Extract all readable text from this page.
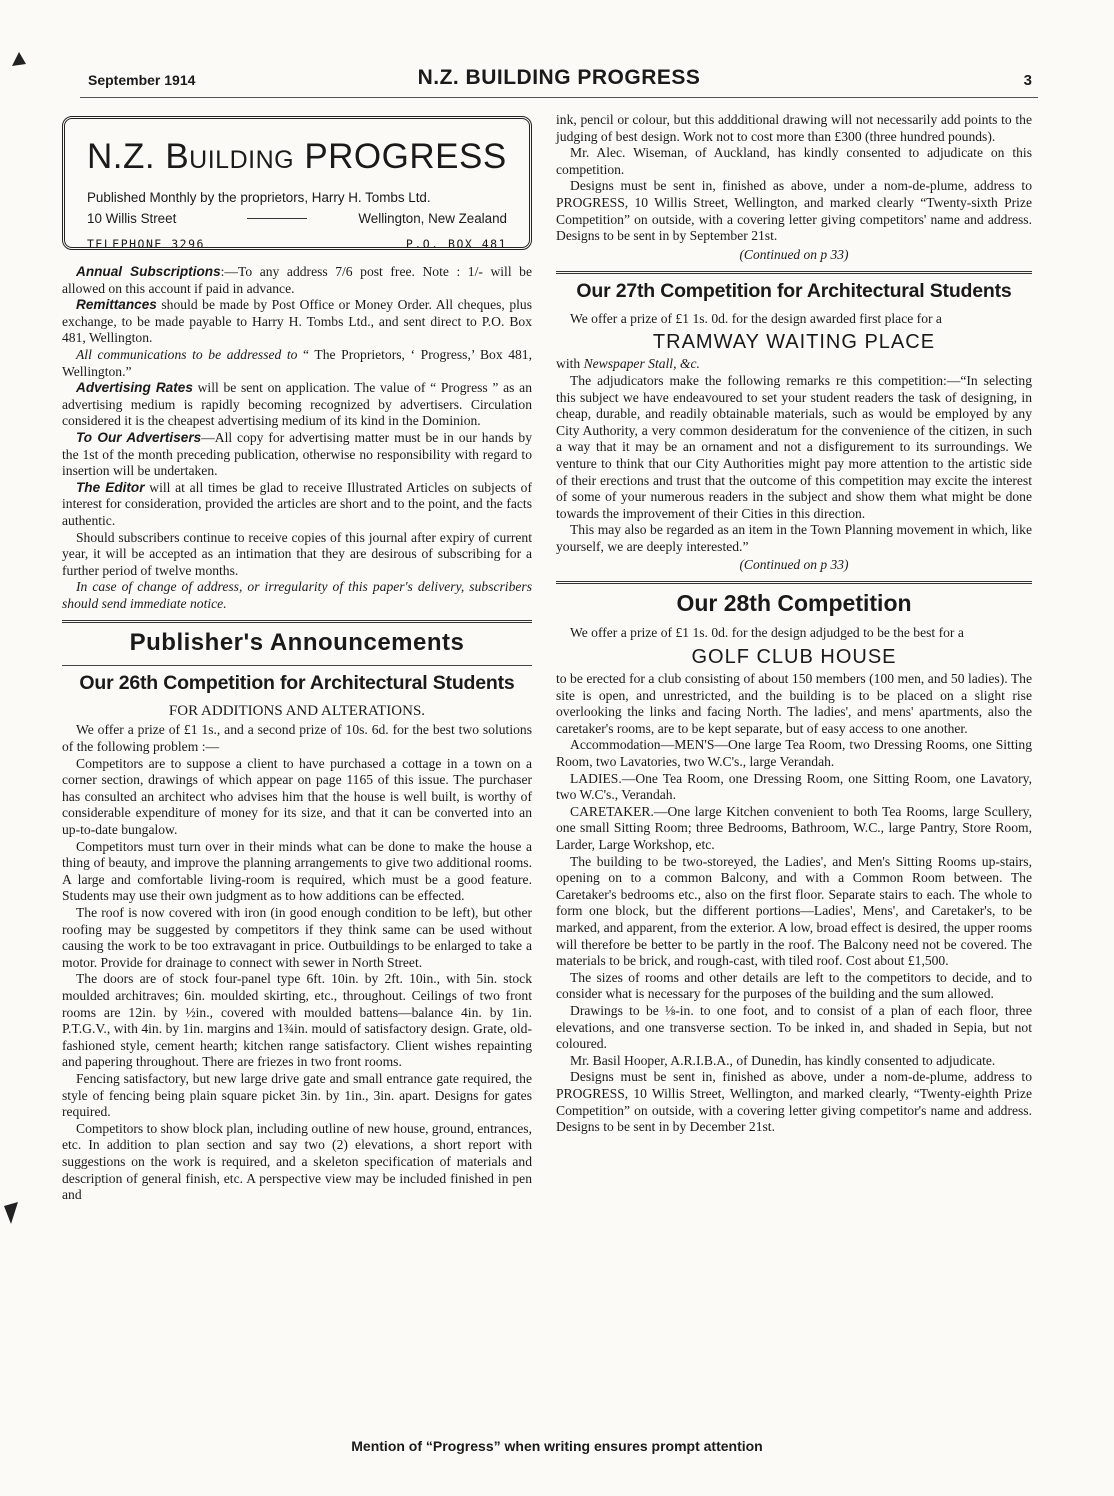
September 1914	N.Z. BUILDING PROGRESS	3
N.Z. Building PROGRESS
Published Monthly by the proprietors, Harry H. Tombs Ltd.
10 Willis Street	Wellington, New Zealand
TELEPHONE 3296	P.O. BOX 481

Annual Subscriptions:—To any address 7/6 post free. Note : 1/- will be allowed on this account if paid in advance.

Remittances should be made by Post Office or Money Order. All cheques, plus exchange, to be made payable to Harry H. Tombs Ltd., and sent direct to P.O. Box 481, Wellington.

All communications to be addressed to “ The Proprietors, ‘ Progress,’ Box 481, Wellington.”

Advertising Rates will be sent on application. The value of “ Progress ” as an advertising medium is rapidly becoming recognized by advertisers. Circulation considered it is the cheapest advertising medium of its kind in the Dominion.

To Our Advertisers—All copy for advertising matter must be in our hands by the 1st of the month preceding publication, otherwise no responsibility with regard to insertion will be undertaken.

The Editor will at all times be glad to receive Illustrated Articles on subjects of interest for consideration, provided the articles are short and to the point, and the facts authentic.

Should subscribers continue to receive copies of this journal after expiry of current year, it will be accepted as an intimation that they are desirous of subscribing for a further period of twelve months.

In case of change of address, or irregularity of this paper's delivery, subscribers should send immediate notice.

Publisher's Announcements
Our 26th Competition for Architectural Students
FOR ADDITIONS AND ALTERATIONS.

We offer a prize of £1 1s., and a second prize of 10s. 6d. for the best two solutions of the following problem :—

Competitors are to suppose a client to have purchased a cottage in a town on a corner section, drawings of which appear on page 1165 of this issue. The purchaser has consulted an architect who advises him that the house is well built, is worthy of considerable expenditure of money for its size, and that it can be converted into an up-to-date bungalow.

Competitors must turn over in their minds what can be done to make the house a thing of beauty, and improve the planning arrangements to give two additional rooms. A large and comfortable living-room is required, which must be a good feature. Students may use their own judgment as to how additions can be effected.

The roof is now covered with iron (in good enough condition to be left), but other roofing may be suggested by competitors if they think same can be used without causing the work to be too extravagant in price. Outbuildings to be enlarged to take a motor. Provide for drainage to connect with sewer in North Street.

The doors are of stock four-panel type 6ft. 10in. by 2ft. 10in., with 5in. stock moulded architraves; 6in. moulded skirting, etc., throughout. Ceilings of two front rooms are 12in. by ½in., covered with moulded battens—balance 4in. by 1in. P.T.G.V., with 4in. by 1in. margins and 1¾in. mould of satisfactory design. Grate, old-fashioned style, cement hearth; kitchen range satisfactory. Client wishes repainting and papering throughout. There are friezes in two front rooms.

Fencing satisfactory, but new large drive gate and small entrance gate required, the style of fencing being plain square picket 3in. by 1in., 3in. apart. Designs for gates required.

Competitors to show block plan, including outline of new house, ground, entrances, etc. In addition to plan section and say two (2) elevations, a short report with suggestions on the work is required, and a skeleton specification of materials and description of general finish, etc. A perspective view may be included finished in pen and

ink, pencil or colour, but this addditional drawing will not necessarily add points to the judging of best design. Work not to cost more than £300 (three hundred pounds).

Mr. Alec. Wiseman, of Auckland, has kindly consented to adjudicate on this competition.

Designs must be sent in, finished as above, under a nom-de-plume, address to PROGRESS, 10 Willis Street, Wellington, and marked clearly “Twenty-sixth Prize Competition” on outside, with a covering letter giving competitors' name and address. Designs to be sent in by September 21st.

(Continued on p 33)
Our 27th Competition for Architectural Students

We offer a prize of £1 1s. 0d. for the design awarded first place for a

TRAMWAY WAITING PLACE

with Newspaper Stall, &c.

The adjudicators make the following remarks re this competition:—“In selecting this subject we have endeavoured to set your student readers the task of designing, in cheap, durable, and readily obtainable materials, such as would be employed by any City Authority, a very common desideratum for the convenience of the citizen, in such a way that it may be an ornament and not a disfigurement to its surroundings. We venture to think that our City Authorities might pay more attention to the artistic side of their erections and trust that the outcome of this competition may excite the interest of some of your numerous readers in the subject and show them what might be done towards the improvement of their Cities in this direction.

This may also be regarded as an item in the Town Planning movement in which, like yourself, we are deeply interested.”

(Continued on p 33)
Our 28th Competition

We offer a prize of £1 1s. 0d. for the design adjudged to be the best for a

GOLF CLUB HOUSE

to be erected for a club consisting of about 150 members (100 men, and 50 ladies). The site is open, and unrestricted, and the building is to be placed on a slight rise overlooking the links and facing North. The ladies', and mens' apartments, also the caretaker's rooms, are to be kept separate, but of easy access to one another.

Accommodation—MEN'S—One large Tea Room, two Dressing Rooms, one Sitting Room, two Lavatories, two W.C's., large Verandah.

LADIES.—One Tea Room, one Dressing Room, one Sitting Room, one Lavatory, two W.C's., Verandah.

CARETAKER.—One large Kitchen convenient to both Tea Rooms, large Scullery, one small Sitting Room; three Bedrooms, Bathroom, W.C., large Pantry, Store Room, Larder, Large Workshop, etc.

The building to be two-storeyed, the Ladies', and Men's Sitting Rooms up-stairs, opening on to a common Balcony, and with a Common Room between. The Caretaker's bedrooms etc., also on the first floor. Separate stairs to each. The whole to form one block, but the different portions—Ladies', Mens', and Caretaker's, to be marked, and apparent, from the exterior. A low, broad effect is desired, the upper rooms will therefore be better to be partly in the roof. The Balcony need not be covered. The materials to be brick, and rough-cast, with tiled roof. Cost about £1,500.

The sizes of rooms and other details are left to the competitors to decide, and to consider what is necessary for the purposes of the building and the sum allowed.

Drawings to be ⅛-in. to one foot, and to consist of a plan of each floor, three elevations, and one transverse section. To be inked in, and shaded in Sepia, but not coloured.

Mr. Basil Hooper, A.R.I.B.A., of Dunedin, has kindly consented to adjudicate.

Designs must be sent in, finished as above, under a nom-de-plume, address to PROGRESS, 10 Willis Street, Wellington, and marked clearly, “Twenty-eighth Prize Competition” on outside, with a covering letter giving competitor's name and address. Designs to be sent in by December 21st.

Mention of “Progress” when writing ensures prompt attention
